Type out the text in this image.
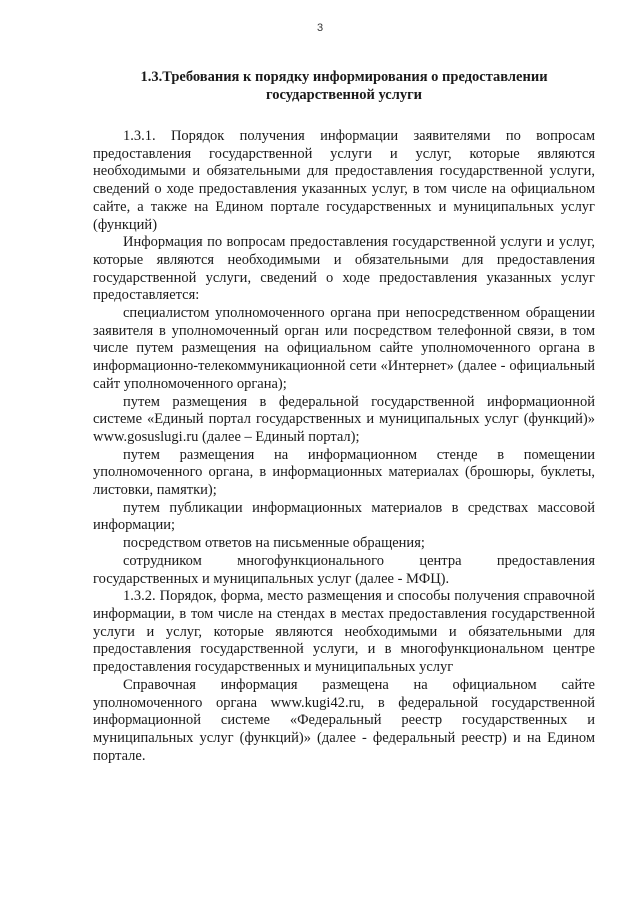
3
1.3.Требования к порядку информирования о предоставлении
государственной услуги

1.3.1. Порядок получения информации заявителями по вопросам предоставления государственной услуги и услуг, которые являются необходимыми и обязательными для предоставления государственной услуги, сведений о ходе предоставления указанных услуг, в том числе на официальном сайте, а также на Едином портале государственных и муниципальных услуг (функций)

Информация по вопросам предоставления государственной услуги и услуг, которые являются необходимыми и обязательными для предоставления государственной услуги, сведений о ходе предоставления указанных услуг предоставляется:

специалистом уполномоченного органа при непосредственном обращении заявителя в уполномоченный орган или посредством телефонной связи, в том числе путем размещения на официальном сайте уполномоченного органа в информационно-телекоммуникационной сети «Интернет» (далее - официальный сайт уполномоченного органа);

путем размещения в федеральной государственной информационной системе «Единый портал государственных и муниципальных услуг (функций)» www.gosuslugi.ru (далее – Единый портал);

путем размещения на информационном стенде в помещении уполномоченного органа, в информационных материалах (брошюры, буклеты, листовки, памятки);

путем публикации информационных материалов в средствах массовой информации;

посредством ответов на письменные обращения;

сотрудником многофункционального центра предоставления государственных и муниципальных услуг (далее - МФЦ).

1.3.2. Порядок, форма, место размещения и способы получения справочной информации, в том числе на стендах в местах предоставления государственной услуги и услуг, которые являются необходимыми и обязательными для предоставления государственной услуги, и в многофункциональном центре предоставления государственных и муниципальных услуг

Справочная информация размещена на официальном сайте уполномоченного органа www.kugi42.ru, в федеральной государственной информационной системе «Федеральный реестр государственных и муниципальных услуг (функций)» (далее - федеральный реестр) и на Едином портале.
